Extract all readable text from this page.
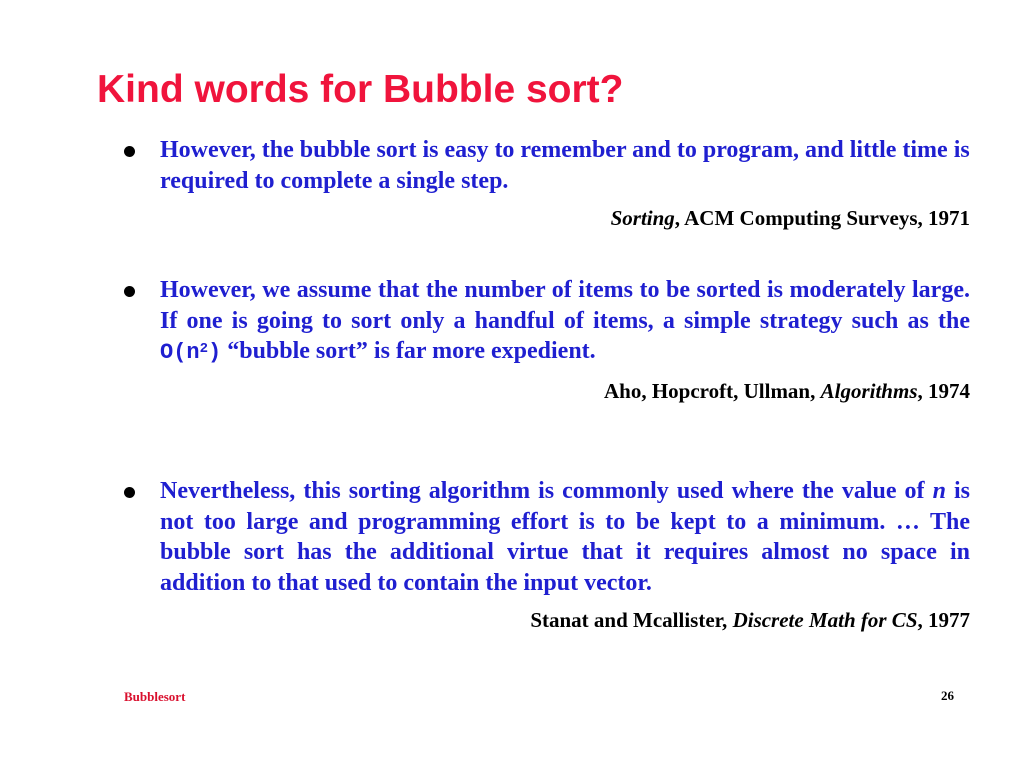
Kind words for Bubble sort?
However, the bubble sort is easy to remember and to program, and little time is required to complete a single step.
Sorting, ACM Computing Surveys, 1971
However, we assume that the number of items to be sorted is moderately large. If one is going to sort only a handful of items, a simple strategy such as the $O(n^2)$ “bubble sort” is far more expedient.
Aho, Hopcroft, Ullman, Algorithms, 1974
Nevertheless, this sorting algorithm is commonly used where the value of n is not too large and programming effort is to be kept to a minimum. … The bubble sort has the additional virtue that it requires almost no space in addition to that used to contain the input vector.
Stanat and Mcallister, Discrete Math for CS, 1977
Bubblesort	26
